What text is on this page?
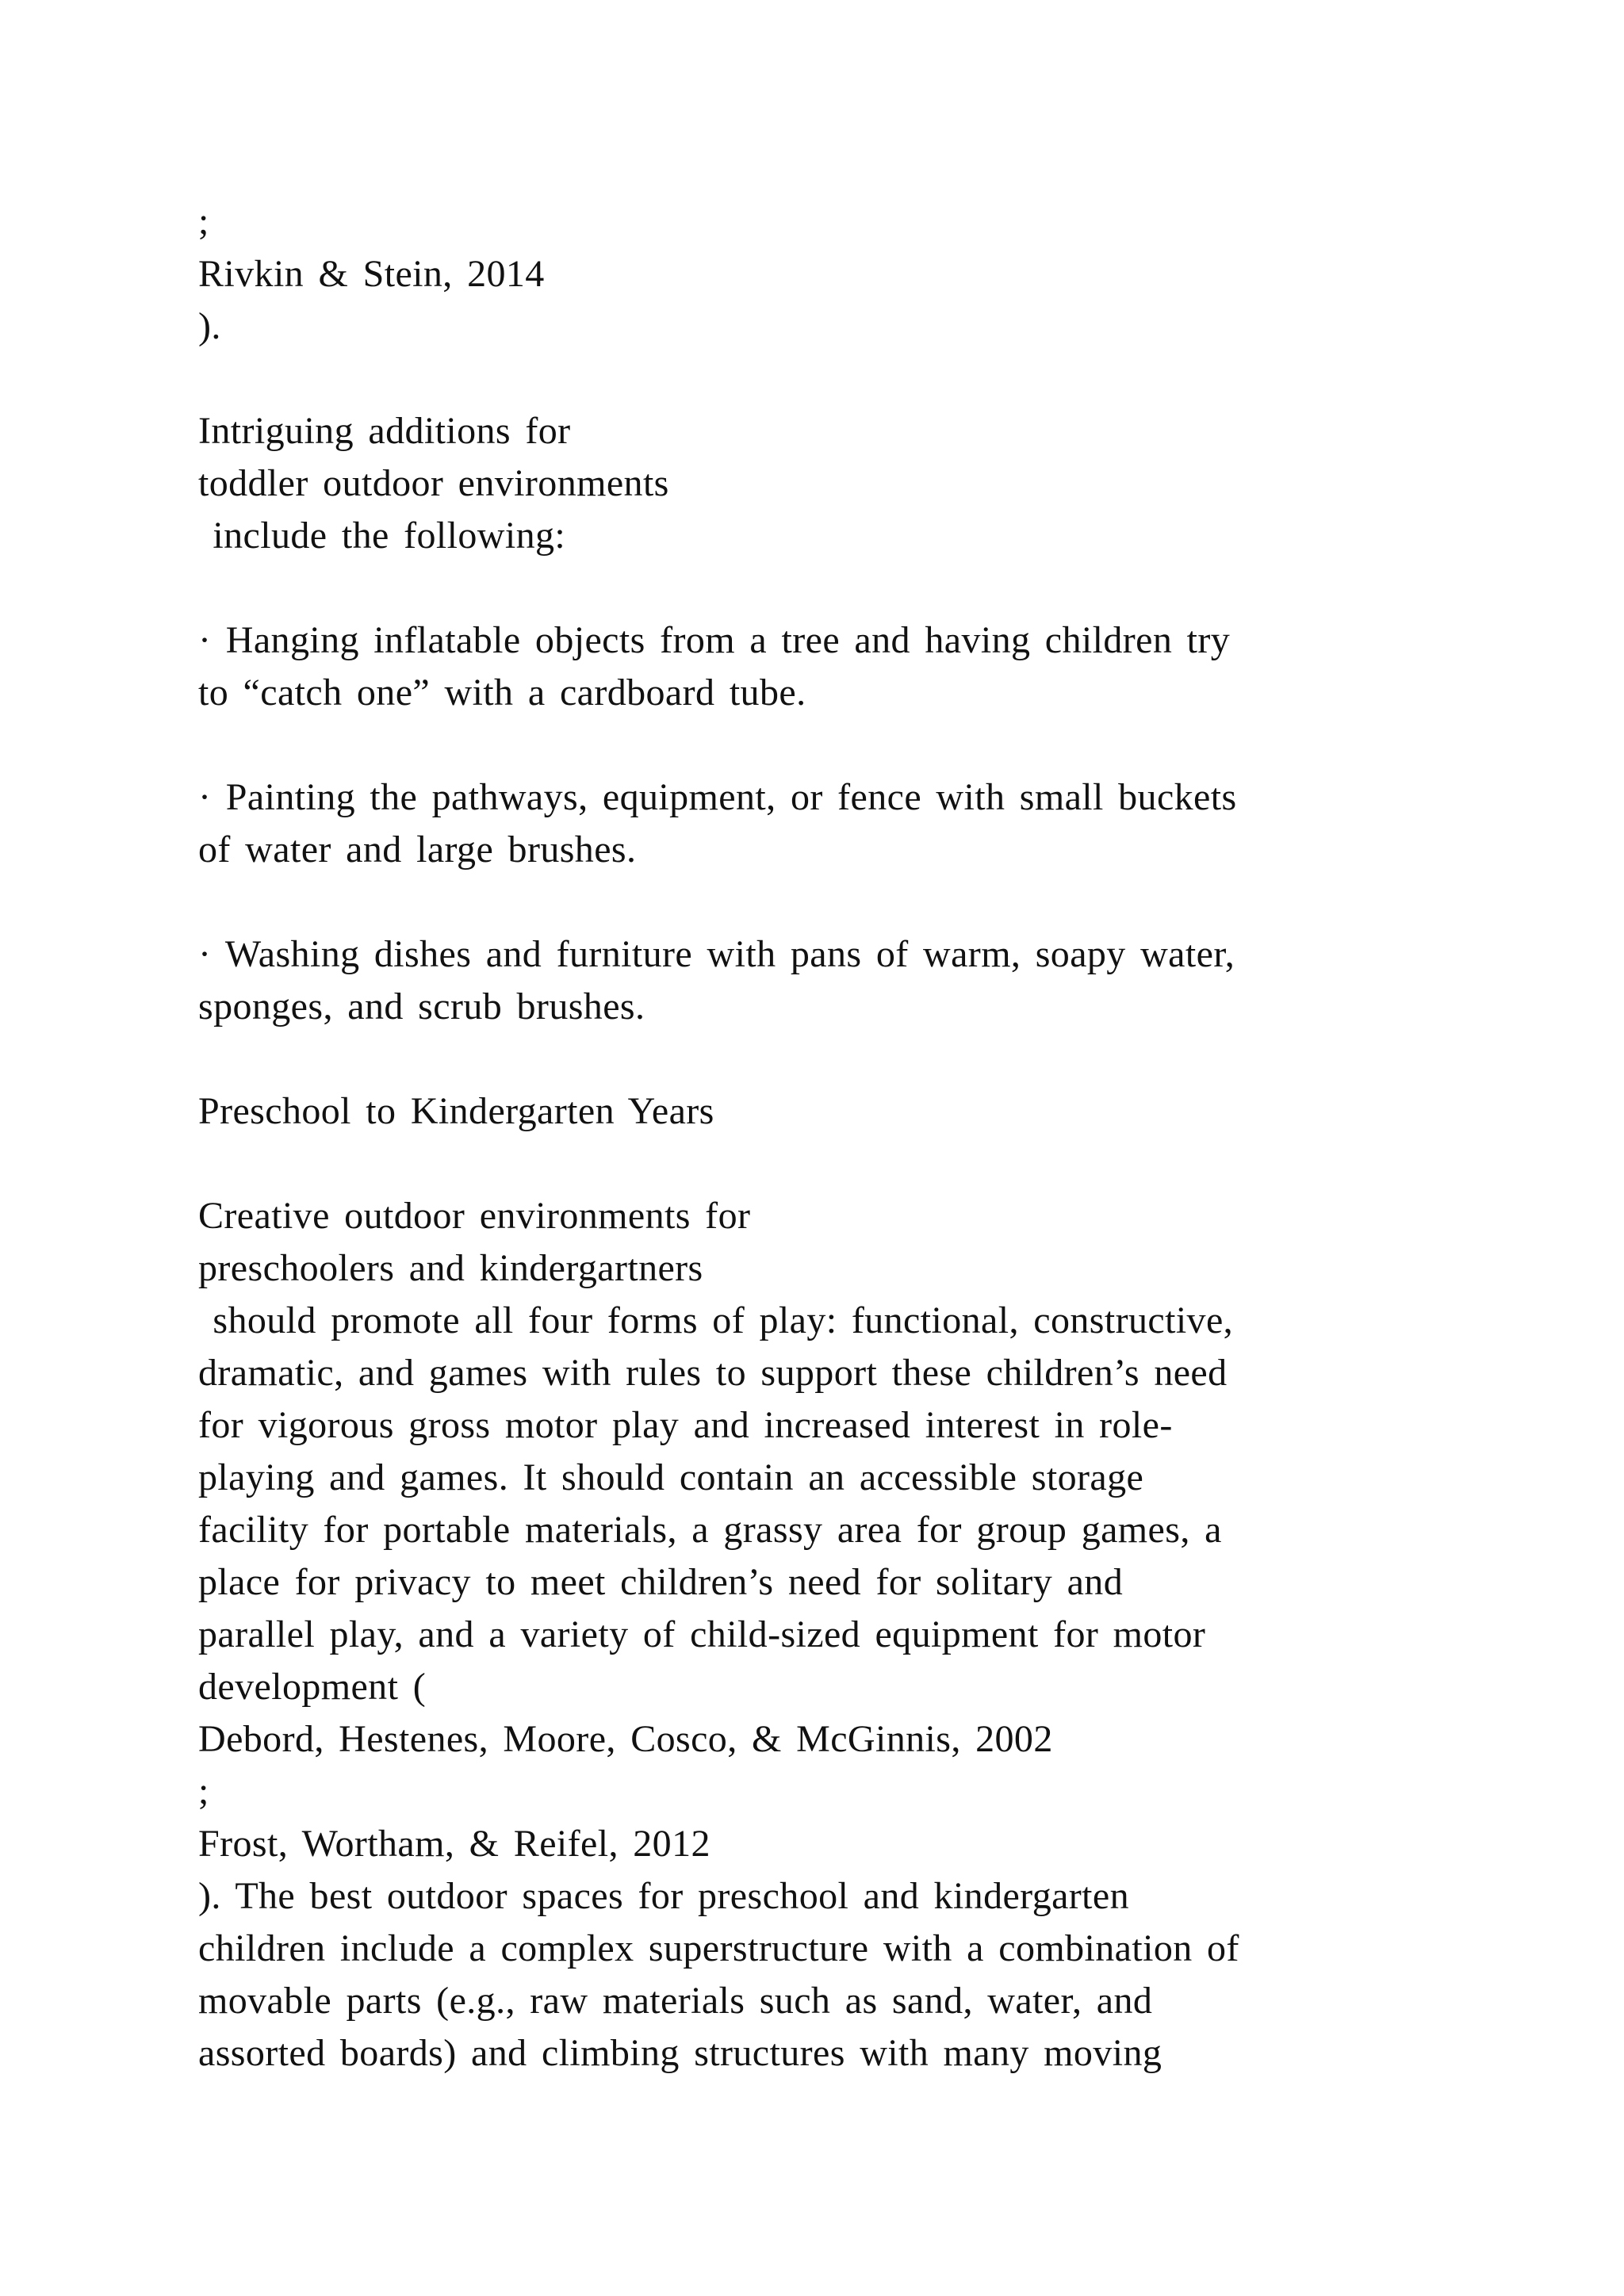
;
Rivkin & Stein, 2014
).
Intriguing additions for
toddler outdoor environments
include the following:
· Hanging inflatable objects from a tree and having children try
to “catch one” with a cardboard tube.
· Painting the pathways, equipment, or fence with small buckets
of water and large brushes.
· Washing dishes and furniture with pans of warm, soapy water,
sponges, and scrub brushes.
Preschool to Kindergarten Years
Creative outdoor environments for
preschoolers and kindergartners
should promote all four forms of play: functional, constructive,
dramatic, and games with rules to support these children’s need
for vigorous gross motor play and increased interest in role-
playing and games. It should contain an accessible storage
facility for portable materials, a grassy area for group games, a
place for privacy to meet children’s need for solitary and
parallel play, and a variety of child-sized equipment for motor
development (
Debord, Hestenes, Moore, Cosco, & McGinnis, 2002
;
Frost, Wortham, & Reifel, 2012
). The best outdoor spaces for preschool and kindergarten
children include a complex superstructure with a combination of
movable parts (e.g., raw materials such as sand, water, and
assorted boards) and climbing structures with many moving
